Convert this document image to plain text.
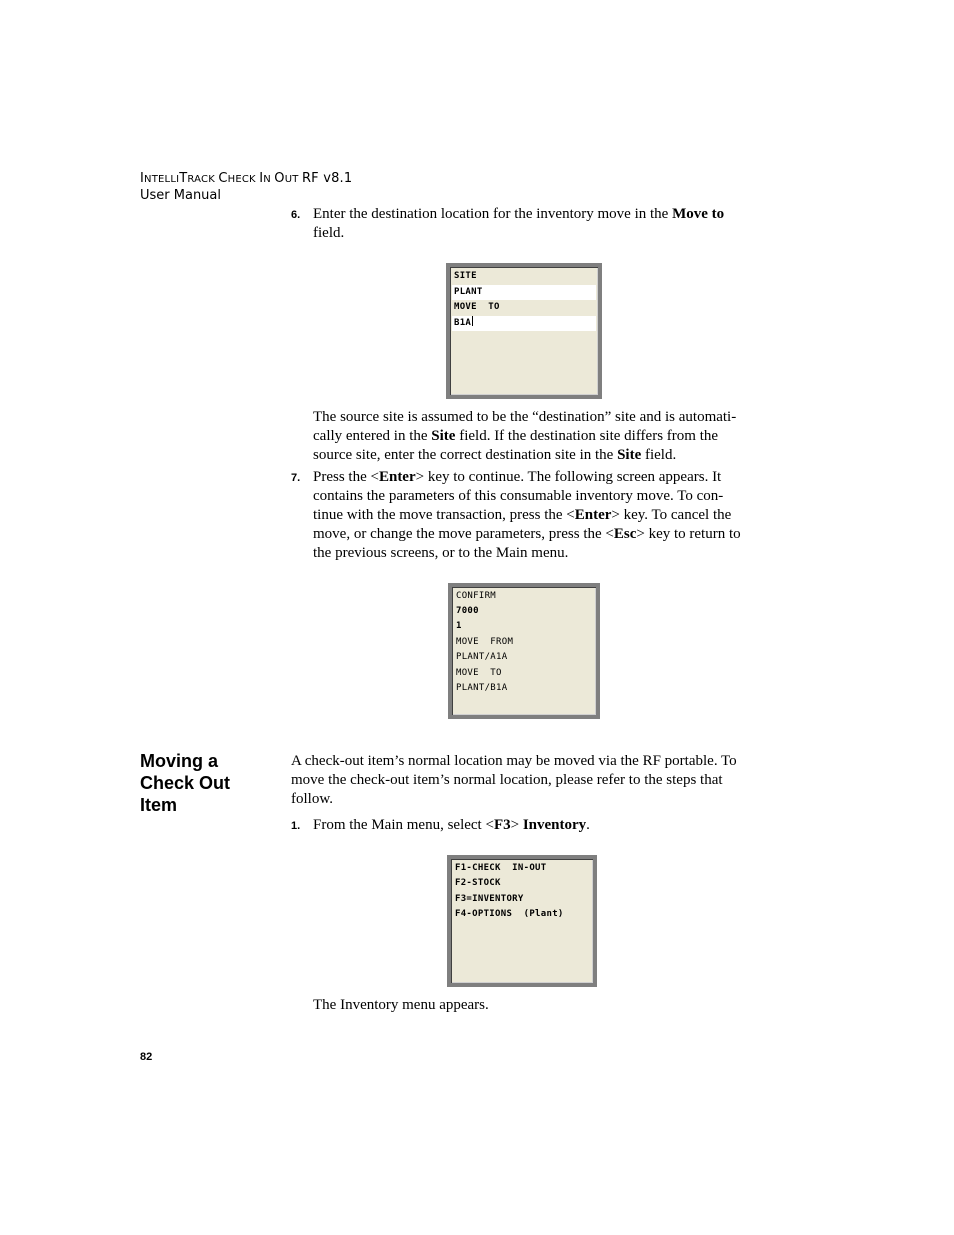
INTELLITRACK CHECK IN OUT RF v8.1
User Manual
6. Enter the destination location for the inventory move in the Move to
field.
SITE
PLANT
MOVE  TO
B1A
The source site is assumed to be the “destination” site and is automati-
cally entered in the Site field. If the destination site differs from the
source site, enter the correct destination site in the Site field.
7. Press the <Enter> key to continue. The following screen appears. It
contains the parameters of this consumable inventory move. To con-
tinue with the move transaction, press the <Enter> key. To cancel the
move, or change the move parameters, press the <Esc> key to return to
the previous screens, or to the Main menu.
CONFIRM
7000
1
MOVE  FROM
PLANT/A1A
MOVE  TO
PLANT/B1A
Moving a
Check Out
Item
A check-out item’s normal location may be moved via the RF portable. To
move the check-out item’s normal location, please refer to the steps that
follow.
1. From the Main menu, select <F3> Inventory.
F1-CHECK  IN-OUT
F2-STOCK
F3=INVENTORY
F4-OPTIONS  (Plant)
The Inventory menu appears.
82
